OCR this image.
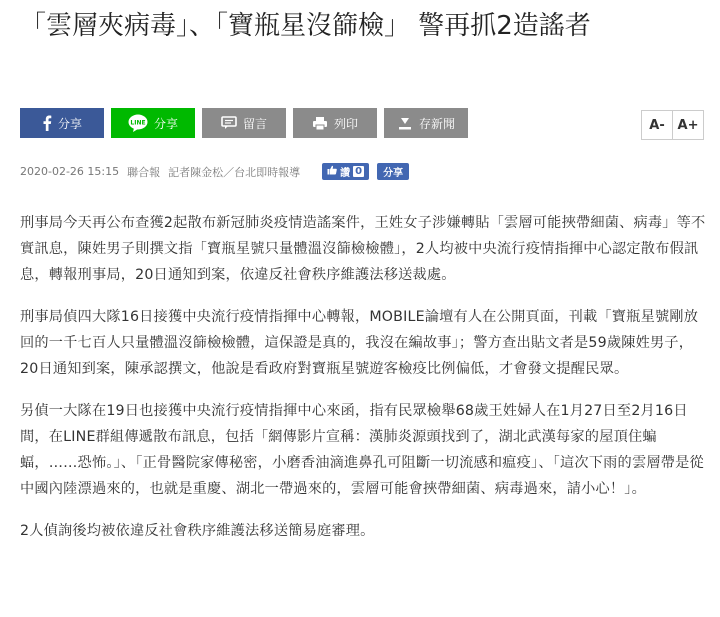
「雲層夾病毒」、「寶瓶星沒篩檢」 警再抓2造謠者
分享	LINE 分享	留言	列印	存新聞	A- A+
2020-02-26 15:15 聯合報 記者陳金松／台北即時報導	讚 0	分享

刑事局今天再公布查獲2起散布新冠肺炎疫情造謠案件，王姓女子涉嫌轉貼「雲層可能挾帶細菌、病毒」等不實訊息，陳姓男子則撰文指「寶瓶星號只量體溫沒篩檢檢體」，2人均被中央流行疫情指揮中心認定散布假訊息，轉報刑事局，20日通知到案，依違反社會秩序維護法移送裁處。

刑事局偵四大隊16日接獲中央流行疫情指揮中心轉報，MOBILE論壇有人在公開頁面，刊載「寶瓶星號剛放回的一千七百人只量體溫沒篩檢檢體，這保證是真的，我沒在編故事」；警方查出貼文者是59歲陳姓男子，20日通知到案，陳承認撰文，他說是看政府對寶瓶星號遊客檢疫比例偏低，才會發文提醒民眾。

另偵一大隊在19日也接獲中央流行疫情指揮中心來函，指有民眾檢舉68歲王姓婦人在1月27日至2月16日間，在LINE群組傳遞散布訊息，包括「網傳影片宣稱：漢肺炎源頭找到了，湖北武漢每家的屋頂住蝙蝠，……恐怖。」、「正骨醫院家傳秘密，小磨香油滴進鼻孔可阻斷一切流感和瘟疫」、「這次下雨的雲層帶是從中國內陸漂過來的，也就是重慶、湖北一帶過來的，雲層可能會挾帶細菌、病毒過來，請小心！」。

2人偵詢後均被依違反社會秩序維護法移送簡易庭審理。
